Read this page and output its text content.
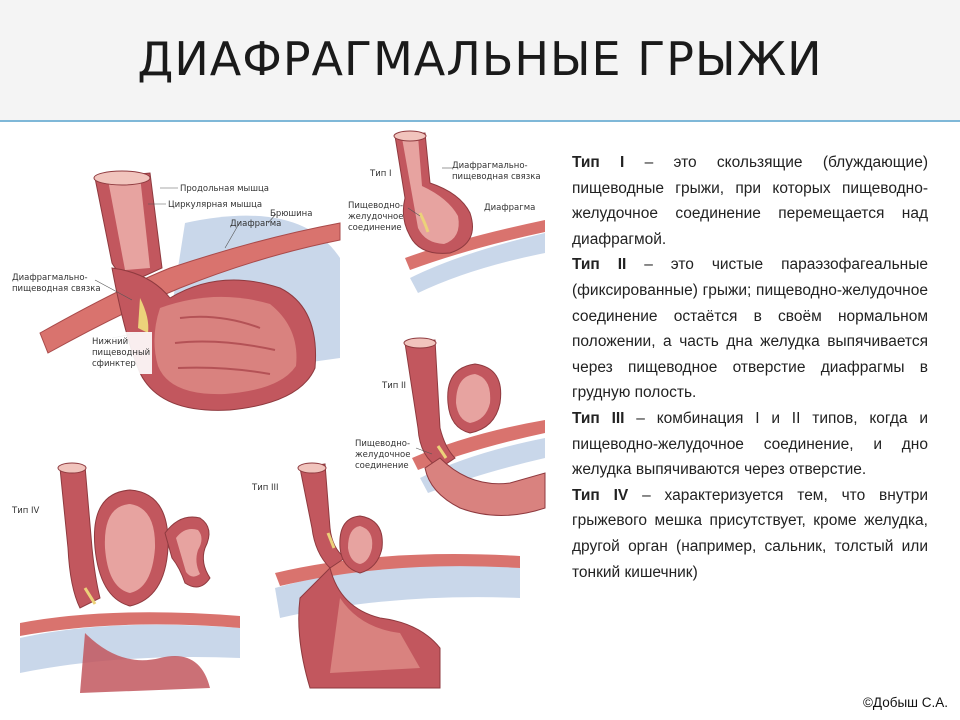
ДИАФРАГМАЛЬНЫЕ ГРЫЖИ
Продольная мышца
Циркулярная мышца
Брюшина
Диафрагма
Диафрагмально-
пищеводная связка
Нижний
пищеводный
сфинктер
Тип I
Диафрагмально-
пищеводная связка
Пищеводно-
желудочное
соединение
Диафрагма
Тип II
Пищеводно-
желудочное
соединение
Тип IV
Тип III

Тип I – это скользящие (блуждающие) пищеводные грыжи, при которых пищеводно-желудочное соединение перемещается над диафрагмой.

Тип II – это чистые параэзофагеальные (фиксированные) грыжи; пищеводно-желудочное соединение остаётся в своём нормальном положении, а часть дна желудка выпячивается через пищеводное отверстие диафрагмы в грудную полость.

Тип III – комбинация I и II типов, когда и пищеводно-желудочное соединение, и дно желудка выпячиваются через отверстие.

Тип IV – характеризуется тем, что внутри грыжевого мешка присутствует, кроме желудка, другой орган (например, сальник, толстый или тонкий кишечник)

©Добыш С.А.
